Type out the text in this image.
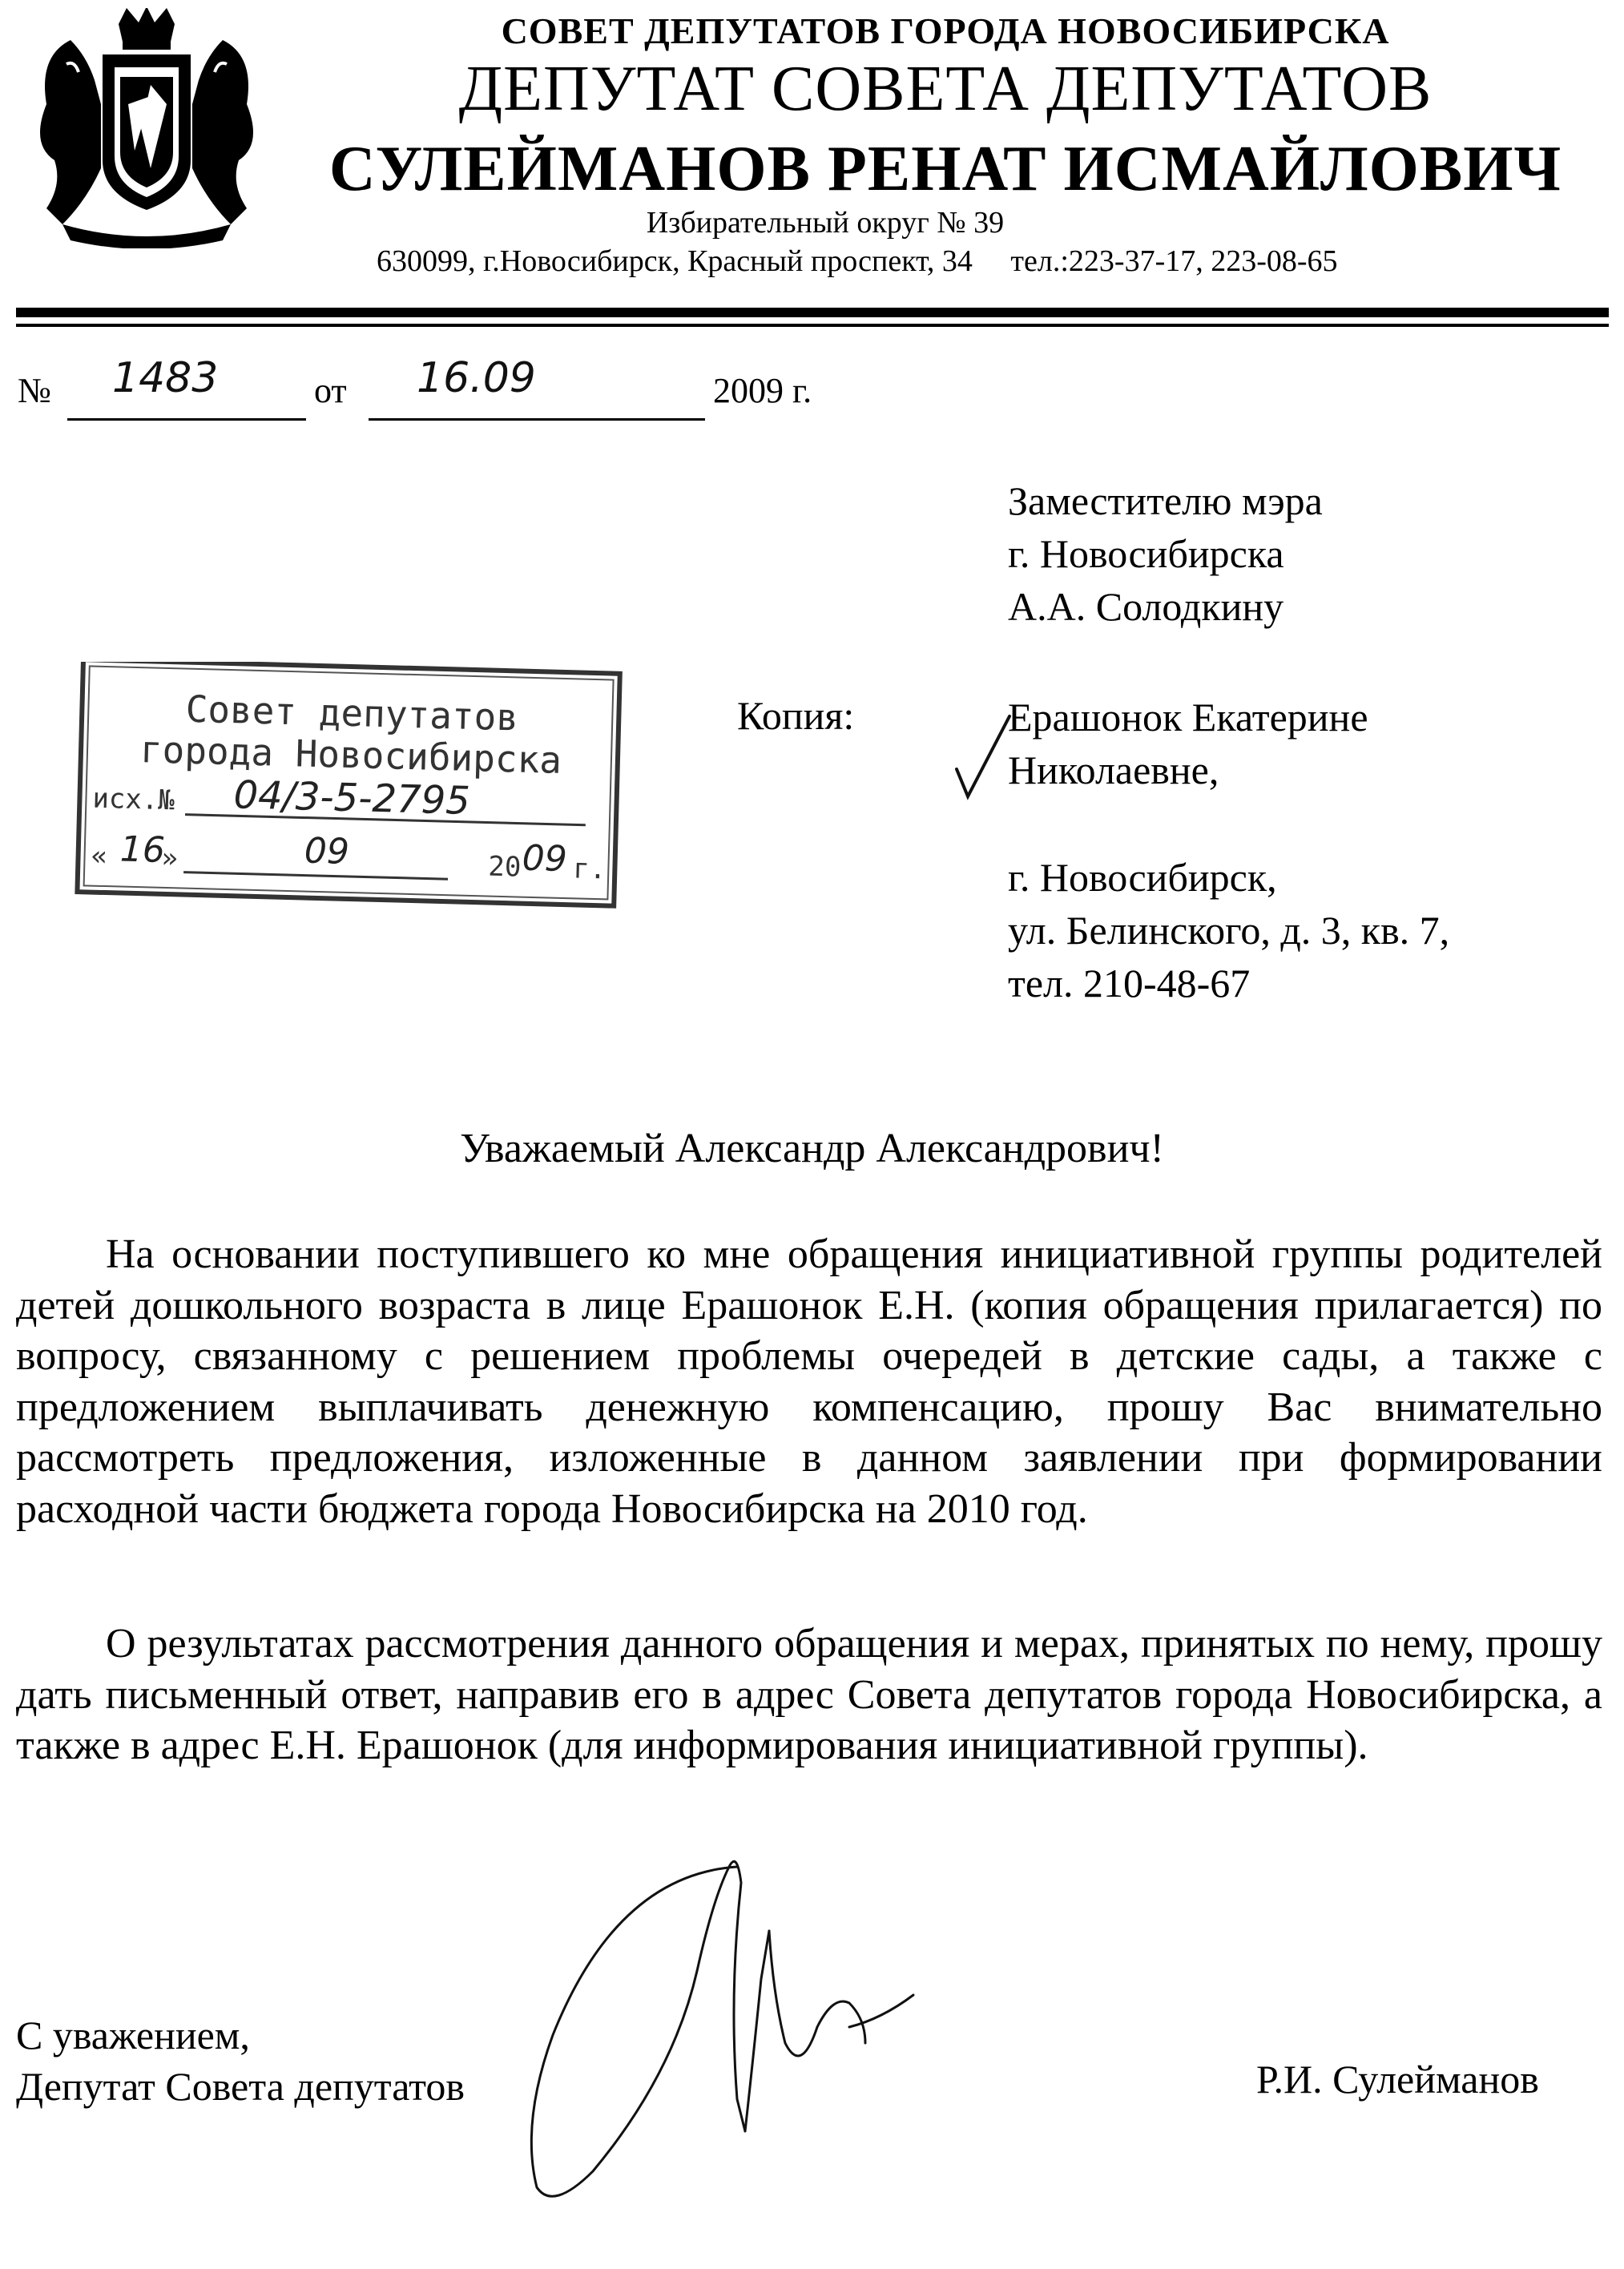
СОВЕТ ДЕПУТАТОВ ГОРОДА НОВОСИБИРСКА
ДЕПУТАТ СОВЕТА ДЕПУТАТОВ
СУЛЕЙМАНОВ РЕНАТ ИСМАЙЛОВИЧ
Избирательный округ № 39
630099, г.Новосибирск, Красный проспект, 34 тел.:223-37-17, 223-08-65
№ 1483	от 16.09	2009 г.
Заместителю мэра
г. Новосибирска
А.А. Солодкину
Копия:	Ерашонок Екатерине
Николаевне,
г. Новосибирск,
ул. Белинского, д. 3, кв. 7,
тел. 210-48-67
Совет депутатов
города Новосибирска
исх.№ 04/3-5-2795
« 16
»	09	20 09 г.
Уважаемый Александр Александрович!

На основании поступившего ко мне обращения инициативной группы родителей детей дошкольного возраста в лице Ерашонок Е.Н. (копия обращения прилагается) по вопросу, связанному с решением проблемы очередей в детские сады, а также с предложением выплачивать денежную компенсацию, прошу Вас внимательно рассмотреть предложения, изложенные в данном заявлении при формировании расходной части бюджета города Новосибирска на 2010 год.

О результатах рассмотрения данного обращения и мерах, принятых по нему, прошу дать письменный ответ, направив его в адрес Совета депутатов города Новосибирска, а также в адрес Е.Н. Ерашонок (для информирования инициативной группы).

С уважением,
Депутат Совета депутатов	Р.И. Сулейманов
